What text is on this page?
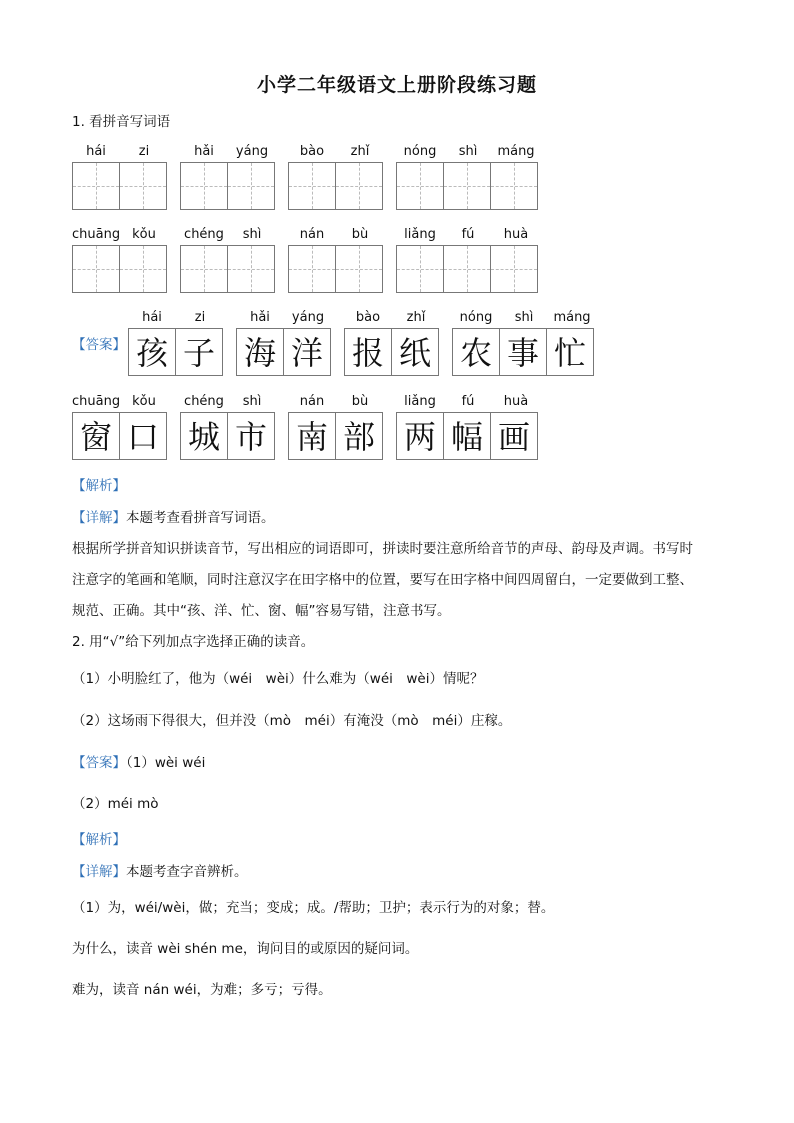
小学二年级语文上册阶段练习题
1. 看拼音写词语
hái	zi	hǎi	yáng	bào	zhǐ	nóng	shì	máng
chuāng kǒu	chéng	shì	nán	bù	liǎng	fú	huà
【答案】
hái	zi
孩 子
hǎi	yáng
海 洋
bào	zhǐ
报 纸
nóng	shì	máng
农 事 忙
chuāng kǒu
窗 口
chéng	shì
城 市
nán	bù
南 部
liǎng	fú	huà
两 幅 画
【解析】
【详解】本题考查看拼音写词语。
根据所学拼音知识拼读音节，写出相应的词语即可，拼读时要注意所给音节的声母、韵母及声调。书写时
注意字的笔画和笔顺，同时注意汉字在田字格中的位置，要写在田字格中间四周留白，一定要做到工整、
规范、正确。其中“孩、洋、忙、窗、幅”容易写错，注意书写。
2. 用“√”给下列加点字选择正确的读音。
（1）小明脸红了，他为（wéi　wèi）什么难为（wéi　wèi）情呢？
（2）这场雨下得很大，但并没（mò　méi）有淹没（mò　méi）庄稼。
【答案】（1）wèi wéi
（2）méi mò
【解析】
【详解】本题考查字音辨析。
（1）为，wéi/wèi，做；充当；变成；成。/帮助；卫护；表示行为的对象；替。
为什么，读音 wèi shén me，询问目的或原因的疑问词。
难为，读音 nán wéi，为难；多亏；亏得。
